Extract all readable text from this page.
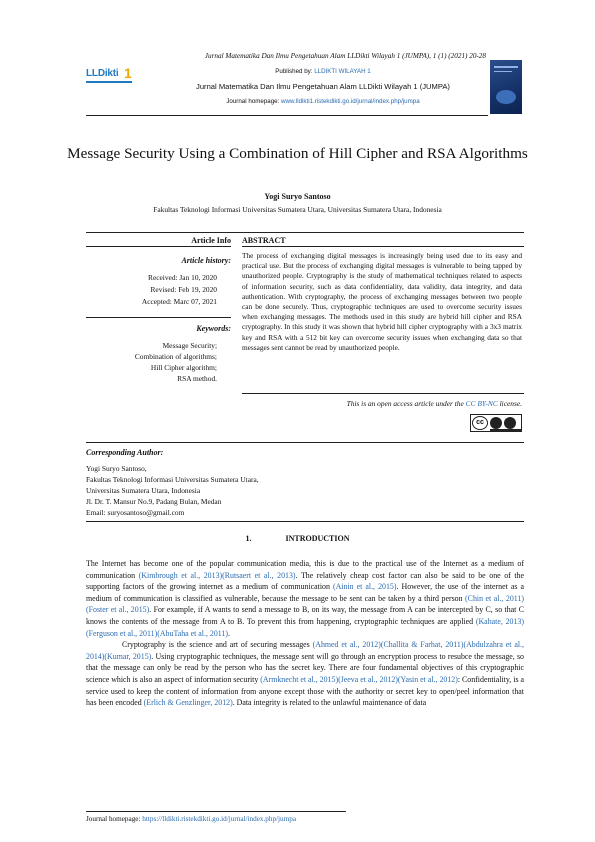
Jurnal Matematika Dan Ilmu Pengetahuan Alam LLDikti Wilayah 1 (JUMPA), 1 (1) (2021) 20-28
LLDikti 1	Published by: LLDIKTI WILAYAH 1
Jurnal Matematika Dan Ilmu Pengetahuan Alam LLDikti Wilayah 1 (JUMPA)
Journal homepage: www.lldikti1.ristekdikti.go.id/jurnal/index.php/jumpa
Message Security Using a Combination of Hill Cipher and RSA Algorithms
Yogi Suryo Santoso
Fakultas Teknologi Informasi Universitas Sumatera Utara, Universitas Sumatera Utara, Indonesia
Article Info ABSTRACT
Article history:
Received: Jan 10, 2020
Revised: Feb 19, 2020
Accepted: Marc 07, 2021
Keywords:
Message Security;
Combination of algorithms;
Hill Cipher algorithm;
RSA method.
The process of exchanging digital messages is increasingly being used due to its easy and practical use. But the process of exchanging digital messages is vulnerable to being tapped by unauthorized people. Cryptography is the study of mathematical techniques related to aspects of information security, such as data confidentiality, data validity, data integrity, and data authentication. With cryptography, the process of exchanging messages between two people can be done securely. Thus, cryptographic techniques are used to overcome security issues when exchanging messages. The methods used in this study are hybrid hill cipher and RSA cryptography. In this study it was shown that hybrid hill cipher cryptography with a 3x3 matrix key and RSA with a 512 bit key can overcome security issues when exchanging data so that messages sent cannot be read by unauthorized people.
This is an open access article under the CC BY-NC license.
cc
Corresponding Author:
Yogi Suryo Santoso,
Fakultas Teknologi Informasi Universitas Sumatera Utara,
Universitas Sumatera Utara, Indonesia
Jl. Dr. T. Mansur No.9, Padang Bulan, Medan
Email: suryosantoso@gmail.com
1.	INTRODUCTION

The Internet has become one of the popular communication media, this is due to the practical use of the Internet as a medium of communication (Kimbrough et al., 2013)(Rutsaert et al., 2013). The relatively cheap cost factor can also be said to be one of the supporting factors of the growing internet as a medium of communication (Ainin et al., 2015). However, the use of the internet as a medium of communication is classified as vulnerable, because the message to be sent can be taken by a third person (Chin et al., 2011)(Foster et al., 2015). For example, if A wants to send a message to B, on its way, the message from A can be intercepted by C, so that C knows the contents of the message from A to B. To prevent this from happening, cryptographic techniques are applied (Kahate, 2013)(Ferguson et al., 2011)(AbuTaha et al., 2011).

Cryptography is the science and art of securing messages (Ahmed et al., 2012)(Challita & Farhat, 2011)(Abdulzahra et al., 2014)(Kumar, 2015). Using cryptographic techniques, the message sent will go through an encryption process to resubce the message, so that the message can only be read by the person who has the secret key. There are four fundamental objectives of this cryptographic science which is also an aspect of information security (Armknecht et al., 2015)(Jeeva et al., 2012)(Yasin et al., 2012): Confidentiality, is a service used to keep the content of information from anyone except those with the authority or secret key to open/peel information that has been encoded (Erlich & Genzlinger, 2012). Data integrity is related to the unlawful maintenance of data

Journal homepage: https://lldikti.ristekdikti.go.id/jurnal/index.php/jumpa
